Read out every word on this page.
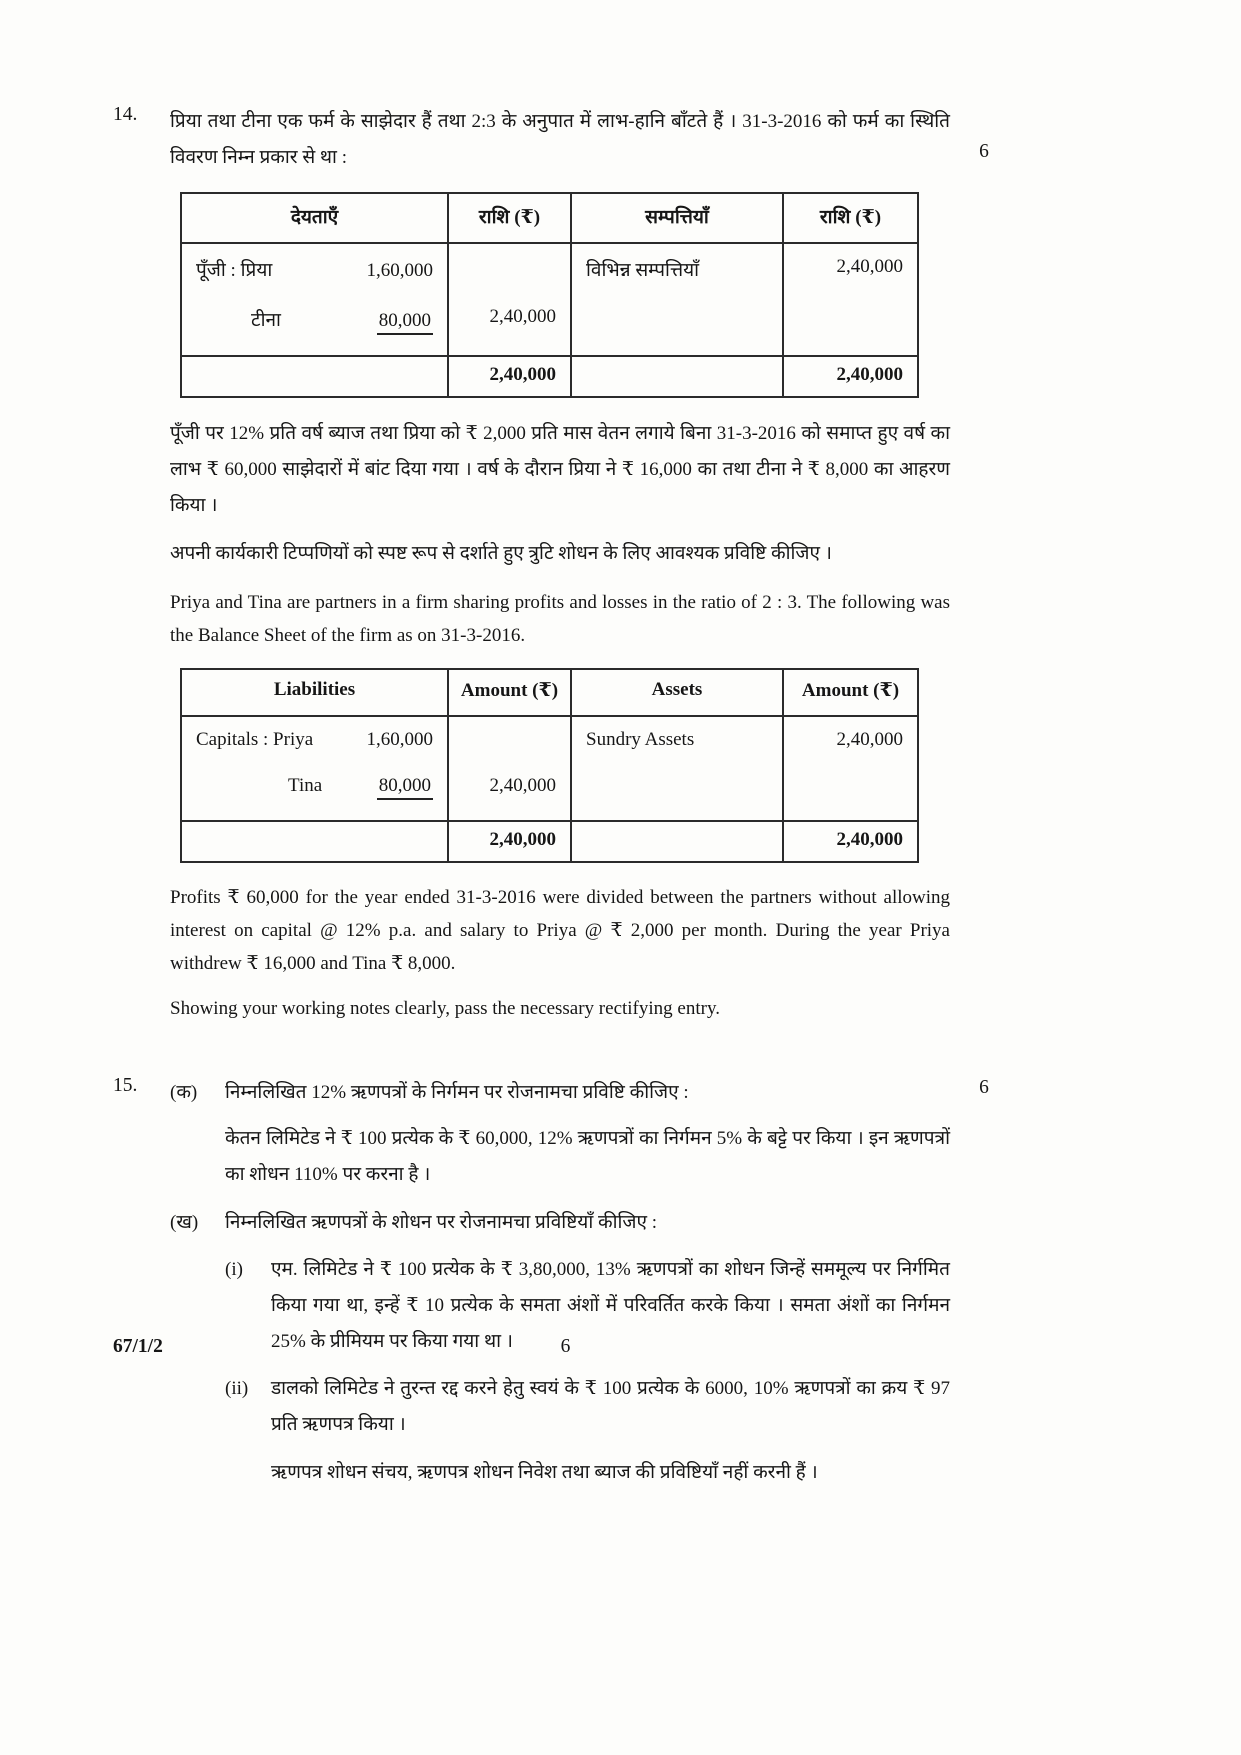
14.	प्रिया तथा टीना एक फर्म के साझेदार हैं तथा 2:3 के अनुपात में लाभ-हानि बाँटते हैं । 31-3-2016 को फर्म का स्थिति विवरण निम्न प्रकार से था :

देयताएँ	राशि (₹)	सम्पत्तियाँ	राशि (₹)

पूँजी : प्रिया 1,60,000		विभिन्न सम्पत्तियाँ	2,40,000

टीना 80,000	2,40,000		
	2,40,000		2,40,000

पूँजी पर 12% प्रति वर्ष ब्याज तथा प्रिया को ₹ 2,000 प्रति मास वेतन लगाये बिना 31-3-2016 को समाप्त हुए वर्ष का लाभ ₹ 60,000 साझेदारों में बांट दिया गया । वर्ष के दौरान प्रिया ने ₹ 16,000 का तथा टीना ने ₹ 8,000 का आहरण किया ।

अपनी कार्यकारी टिप्पणियों को स्पष्ट रूप से दर्शाते हुए त्रुटि शोधन के लिए आवश्यक प्रविष्टि कीजिए ।

Priya and Tina are partners in a firm sharing profits and losses in the ratio of 2 : 3. The following was the Balance Sheet of the firm as on 31-3-2016.

Liabilities	Amount (₹)	Assets	Amount (₹)

Capitals : Priya 1,60,000		Sundry Assets	2,40,000

Tina 80,000	2,40,000		
	2,40,000		2,40,000

Profits ₹ 60,000 for the year ended 31-3-2016 were divided between the partners without allowing interest on capital @ 12% p.a. and salary to Priya @ ₹ 2,000 per month. During the year Priya withdrew ₹ 16,000 and Tina ₹ 8,000.

Showing your working notes clearly, pass the necessary rectifying entry.

6
15.	(क)	निम्नलिखित 12% ऋणपत्रों के निर्गमन पर रोजनामचा प्रविष्टि कीजिए :

केतन लिमिटेड ने ₹ 100 प्रत्येक के ₹ 60,000, 12% ऋणपत्रों का निर्गमन 5% के बट्टे पर किया । इन ऋणपत्रों का शोधन 110% पर करना है ।

(ख)	निम्नलिखित ऋणपत्रों के शोधन पर रोजनामचा प्रविष्टियाँ कीजिए :

(i)	एम. लिमिटेड ने ₹ 100 प्रत्येक के ₹ 3,80,000, 13% ऋणपत्रों का शोधन जिन्हें सममूल्य पर निर्गमित किया गया था, इन्हें ₹ 10 प्रत्येक के समता अंशों में परिवर्तित करके किया । समता अंशों का निर्गमन 25% के प्रीमियम पर किया गया था ।

(ii)	डालको लिमिटेड ने तुरन्त रद्द करने हेतु स्वयं के ₹ 100 प्रत्येक के 6000, 10% ऋणपत्रों का क्रय ₹ 97 प्रति ऋणपत्र किया ।

ऋणपत्र शोधन संचय, ऋणपत्र शोधन निवेश तथा ब्याज की प्रविष्टियाँ नहीं करनी हैं ।

6
67/1/2	6
